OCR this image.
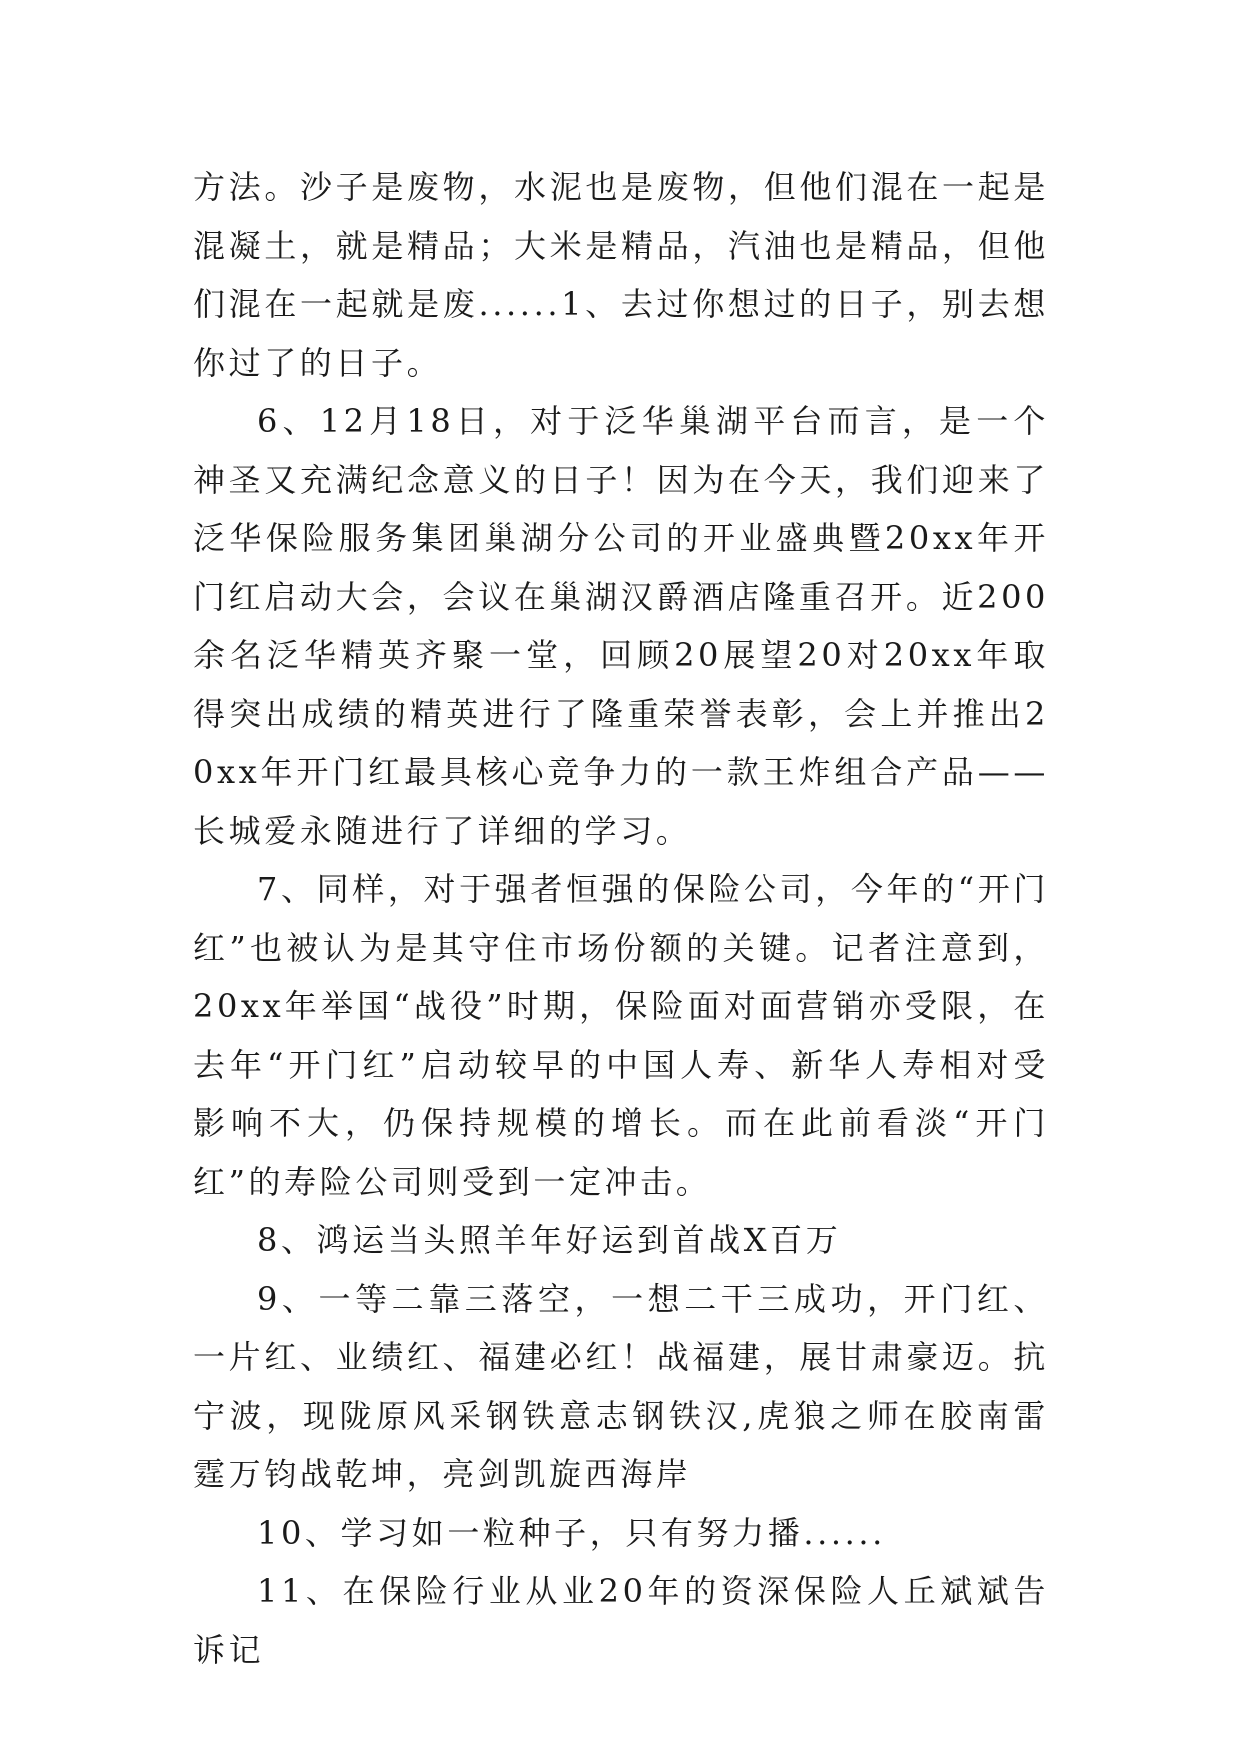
方法。沙子是废物，水泥也是废物，但他们混在一起是混凝土，就是精品；大米是精品，汽油也是精品，但他们混在一起就是废......1、去过你想过的日子，别去想你过了的日子。

6、12月18日，对于泛华巢湖平台而言，是一个神圣又充满纪念意义的日子！因为在今天，我们迎来了泛华保险服务集团巢湖分公司的开业盛典暨20xx年开门红启动大会，会议在巢湖汉爵酒店隆重召开。近200余名泛华精英齐聚一堂，回顾20展望20对20xx年取得突出成绩的精英进行了隆重荣誉表彰，会上并推出20xx年开门红最具核心竞争力的一款王炸组合产品——长城爱永随进行了详细的学习。

7、同样，对于强者恒强的保险公司，今年的“开门红”也被认为是其守住市场份额的关键。记者注意到，20xx年举国“战役”时期，保险面对面营销亦受限，在去年“开门红”启动较早的中国人寿、新华人寿相对受影响不大，仍保持规模的增长。而在此前看淡“开门红”的寿险公司则受到一定冲击。

8、鸿运当头照羊年好运到首战X百万

9、一等二靠三落空，一想二干三成功，开门红、一片红、业绩红、福建必红！战福建，展甘肃豪迈。抗宁波，现陇原风采钢铁意志钢铁汉,虎狼之师在胶南雷霆万钧战乾坤，亮剑凯旋西海岸

10、学习如一粒种子，只有努力播......

11、在保险行业从业20年的资深保险人丘斌斌告诉记
